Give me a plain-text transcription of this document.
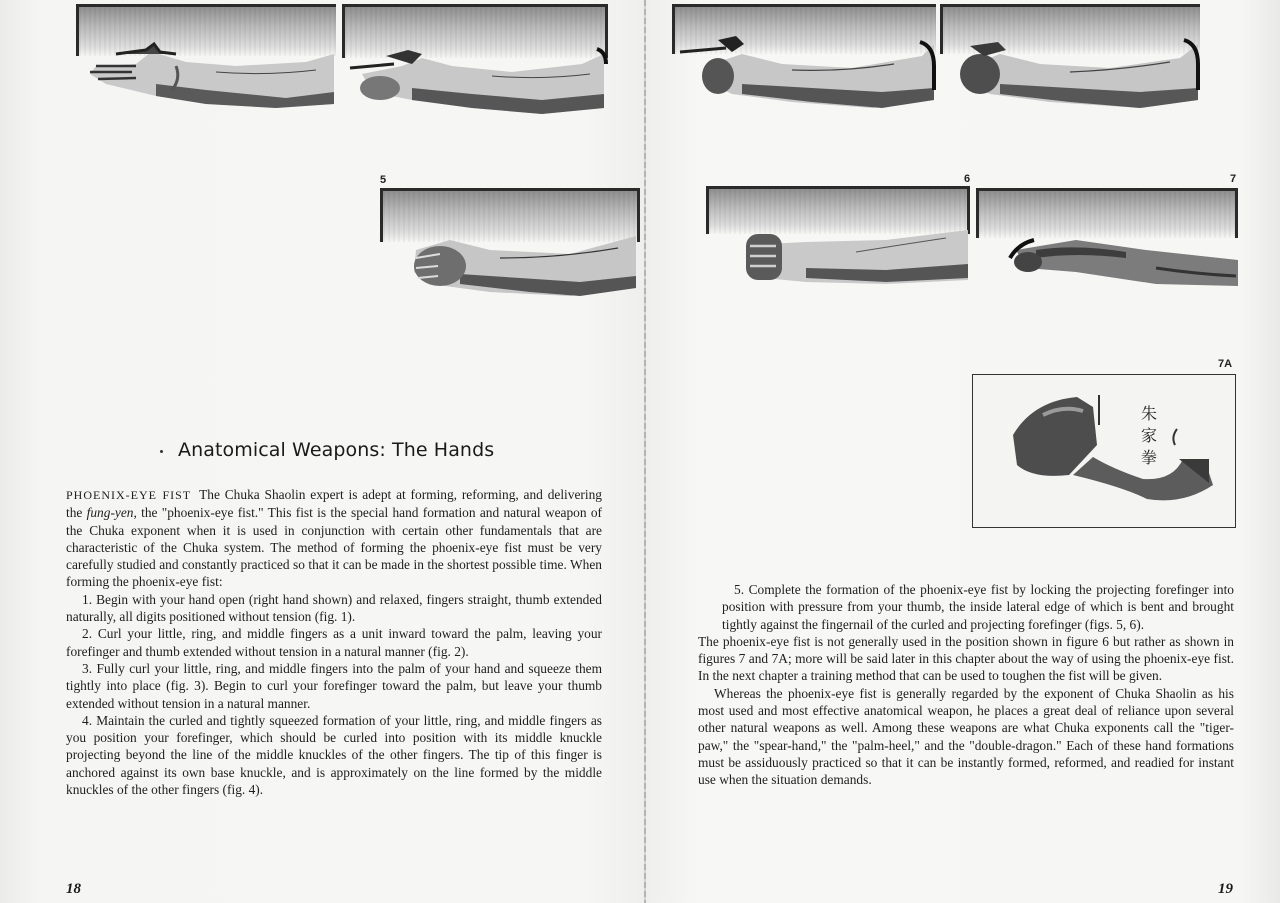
5
Anatomical Weapons: The Hands

PHOENIX-EYE FIST The Chuka Shaolin expert is adept at forming, reforming, and delivering the fung-yen, the "phoenix-eye fist." This fist is the special hand formation and natural weapon of the Chuka exponent when it is used in conjunction with certain other fundamentals that are characteristic of the Chuka system. The method of forming the phoenix-eye fist must be very carefully studied and constantly practiced so that it can be made in the shortest possible time. When forming the phoenix-eye fist:

1. Begin with your hand open (right hand shown) and relaxed, fingers straight, thumb extended naturally, all digits positioned without tension (fig. 1).

2. Curl your little, ring, and middle fingers as a unit inward toward the palm, leaving your forefinger and thumb extended without tension in a natural manner (fig. 2).

3. Fully curl your little, ring, and middle fingers into the palm of your hand and squeeze them tightly into place (fig. 3). Begin to curl your forefinger toward the palm, but leave your thumb extended without tension in a natural manner.

4. Maintain the curled and tightly squeezed formation of your little, ring, and middle fingers as you position your forefinger, which should be curled into position with its middle knuckle projecting beyond the line of the middle knuckles of the other fingers. The tip of this finger is anchored against its own base knuckle, and is approximately on the line formed by the middle knuckles of the other fingers (fig. 4).

18
6	7
7A
朱
家
拳

5. Complete the formation of the phoenix-eye fist by locking the projecting forefinger into position with pressure from your thumb, the inside lateral edge of which is bent and brought tightly against the fingernail of the curled and projecting forefinger (figs. 5, 6).

The phoenix-eye fist is not generally used in the position shown in figure 6 but rather as shown in figures 7 and 7A; more will be said later in this chapter about the way of using the phoenix-eye fist. In the next chapter a training method that can be used to toughen the fist will be given.

Whereas the phoenix-eye fist is generally regarded by the exponent of Chuka Shaolin as his most used and most effective anatomical weapon, he places a great deal of reliance upon several other natural weapons as well. Among these weapons are what Chuka exponents call the "tiger-paw," the "spear-hand," the "palm-heel," and the "double-dragon." Each of these hand formations must be assiduously practiced so that it can be instantly formed, reformed, and readied for instant use when the situation demands.

19
